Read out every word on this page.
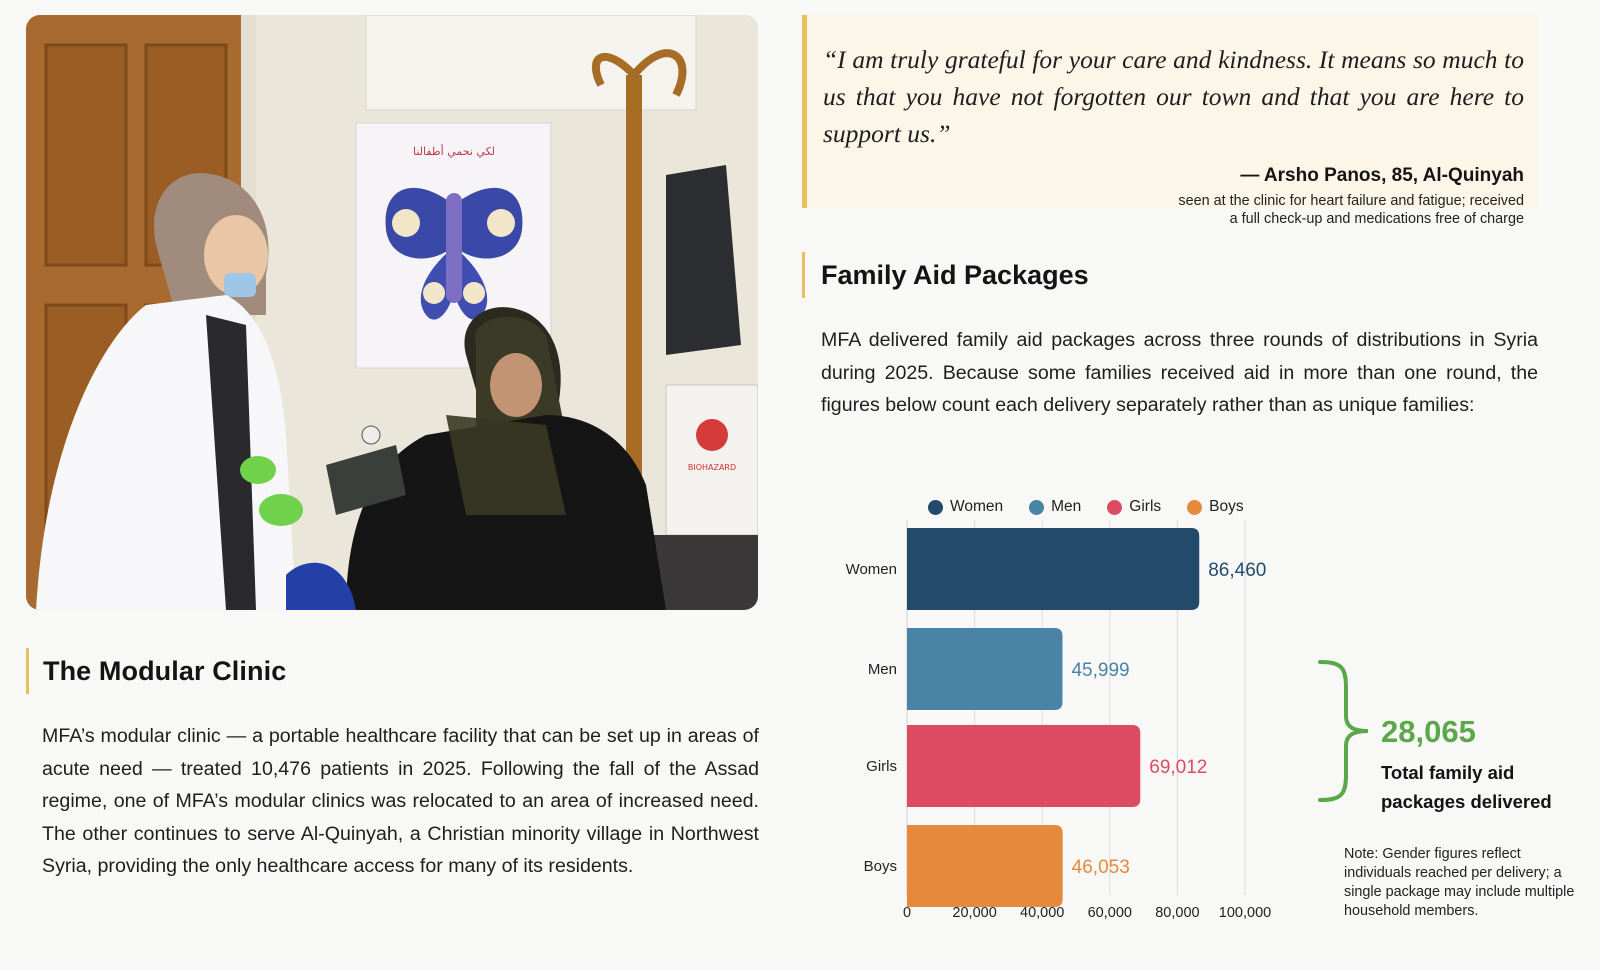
لكي نحمي أطفالنا
BIOHAZARD
The Modular Clinic

MFA’s modular clinic — a portable healthcare facility that can be set up in areas of acute need — treated 10,476 patients in 2025. Following the fall of the Assad regime, one of MFA’s modular clinics was relocated to an area of increased need. The other continues to serve Al-Quinyah, a Christian minority village in Northwest Syria, providing the only healthcare access for many of its residents.

“I am truly grateful for your care and kindness. It means so much to us that you have not forgotten our town and that you are here to support us.”

— Arsho Panos, 85, Al-Quinyah

seen at the clinic for heart failure and fatigue; received
a full check-up and medications free of charge

Family Aid Packages

MFA delivered family aid packages across three rounds of distributions in Syria during 2025. Because some families received aid in more than one round, the figures below count each delivery separately rather than as unique families:

Women	Men	Girls	Boys
86,460
Women
45,999
Men
69,012
Girls
46,053
Boys
0	20,000 40,000 60,000 80,000 100,000
28,065
Total family aid packages delivered

Note: Gender figures reflect individuals reached per delivery; a single package may include multiple household members.
